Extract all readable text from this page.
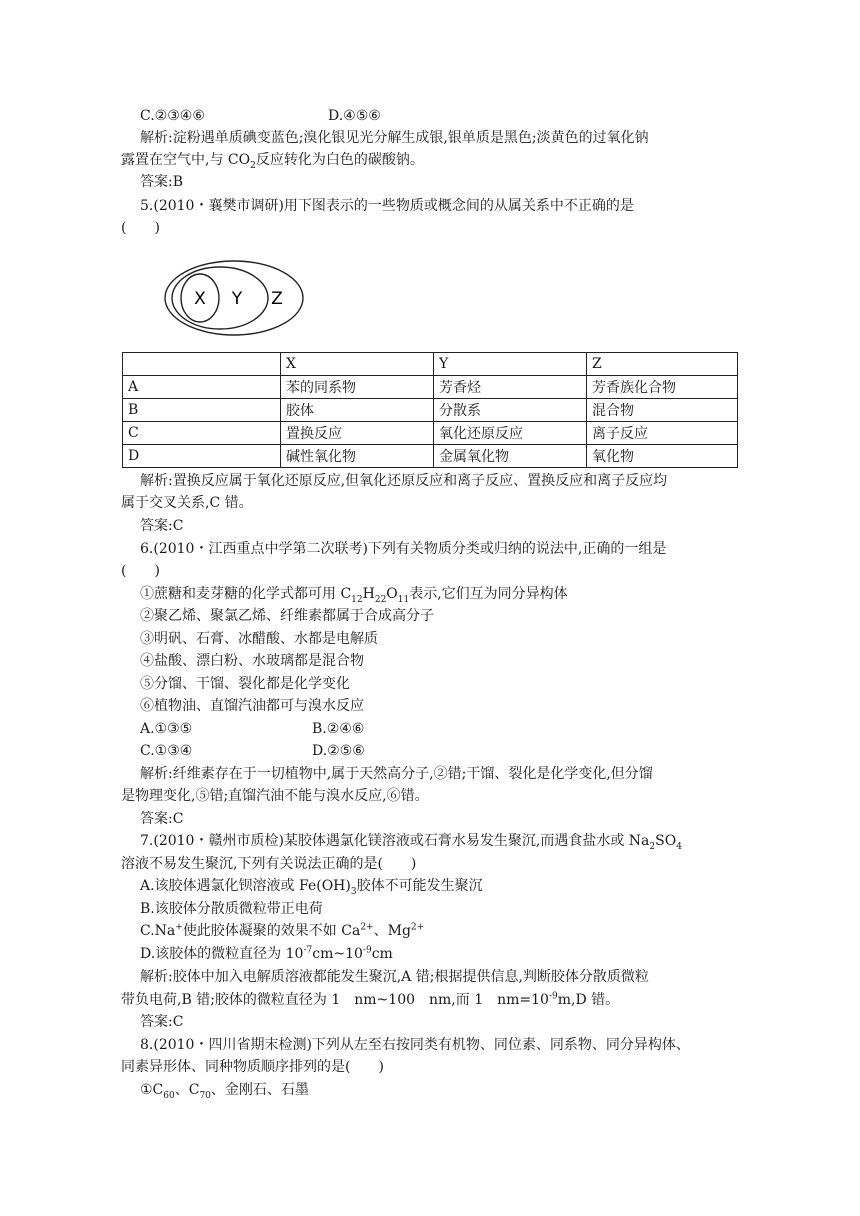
C.②③④⑥	D.④⑤⑥
解析:淀粉遇单质碘变蓝色;溴化银见光分解生成银,银单质是黑色;淡黄色的过氧化钠
露置在空气中,与 $CO_2$反应转化为白色的碳酸钠。
答案:B
5.(2010・襄樊市调研)用下图表示的一些物质或概念间的从属关系中不正确的是
(　　)
X Y Z
	X	Y	Z
A	苯的同系物	芳香烃	芳香族化合物
B	胶体	分散系	混合物
C	置换反应	氧化还原反应	离子反应
D	碱性氧化物	金属氧化物	氧化物
解析:置换反应属于氧化还原反应,但氧化还原反应和离子反应、置换反应和离子反应均
属于交叉关系,C 错。
答案:C
6.(2010・江西重点中学第二次联考)下列有关物质分类或归纳的说法中,正确的一组是
(　　)
①蔗糖和麦芽糖的化学式都可用 $C_{12}H_{22}O_{11}$表示,它们互为同分异构体
②聚乙烯、聚氯乙烯、纤维素都属于合成高分子
③明矾、石膏、冰醋酸、水都是电解质
④盐酸、漂白粉、水玻璃都是混合物
⑤分馏、干馏、裂化都是化学变化
⑥植物油、直馏汽油都可与溴水反应
A.①③⑤	B.②④⑥
C.①③④	D.②⑤⑥
解析:纤维素存在于一切植物中,属于天然高分子,②错;干馏、裂化是化学变化,但分馏
是物理变化,⑤错;直馏汽油不能与溴水反应,⑥错。
答案:C
7.(2010・赣州市质检)某胶体遇氯化镁溶液或石膏水易发生聚沉,而遇食盐水或 $Na_2SO_4$
溶液不易发生聚沉,下列有关说法正确的是(　　)
A.该胶体遇氯化钡溶液或 $Fe(OH)_3$胶体不可能发生聚沉
B.该胶体分散质微粒带正电荷
C.Na+使此胶体凝聚的效果不如 $Ca^{2+}$、$Mg^{2+}$
D.该胶体的微粒直径为 $10^{-7}cm\sim 10^{-9}cm$
解析:胶体中加入电解质溶液都能发生聚沉,A 错;根据提供信息,判断胶体分散质微粒
带负电荷,B 错;胶体的微粒直径为 1　nm~100　nm,而 1　$nm=10^{-9}m,D$ 错。
答案:C
8.(2010・四川省期末检测)下列从左至右按同类有机物、同位素、同系物、同分异构体、
同素异形体、同种物质顺序排列的是(　　)
$①C_{60}$、$C_{70}$、金刚石、石墨
